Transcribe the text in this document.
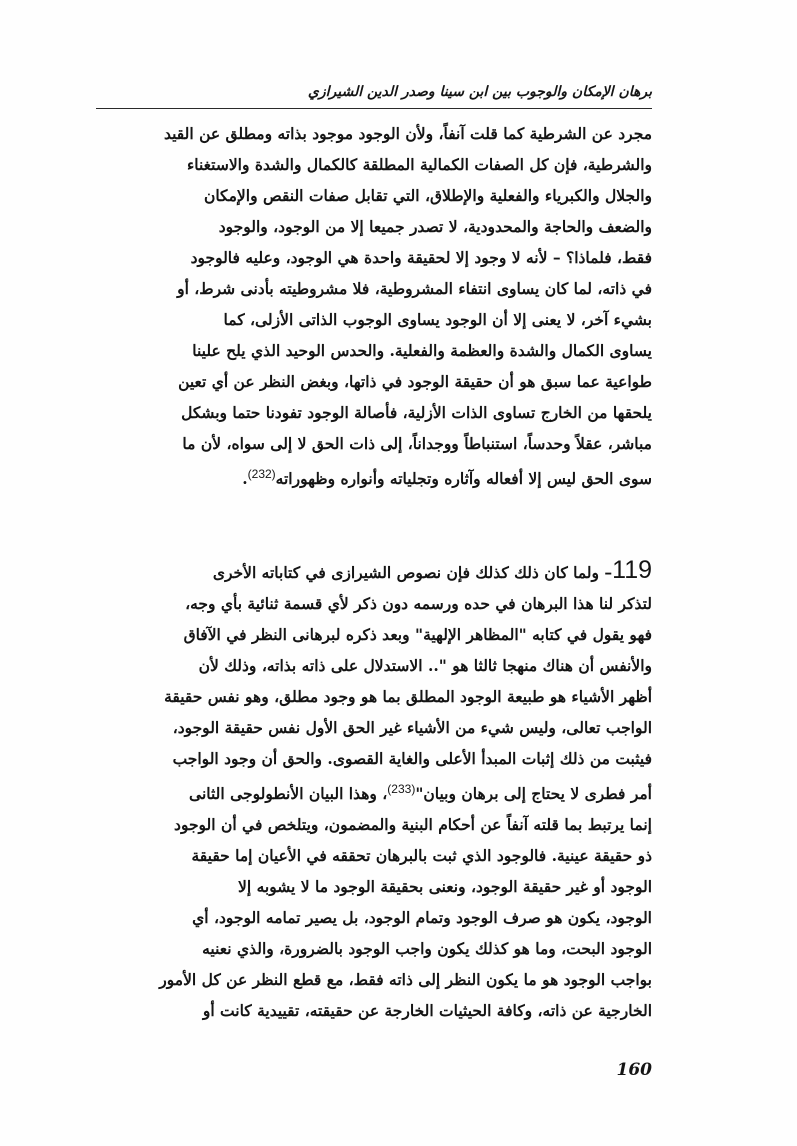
برهان الإمكان والوجوب بين ابن سينا وصدر الدين الشيرازي
مجرد عن الشرطية كما قلت آنفاً، ولأن الوجود موجود بذاته ومطلق عن القيد
والشرطية، فإن كل الصفات الكمالية المطلقة كالكمال والشدة والاستغناء
والجلال والكبرياء والفعلية والإطلاق، التي تقابل صفات النقص والإمكان
والضعف والحاجة والمحدودية، لا تصدر جميعا إلا من الوجود، والوجود
فقط، فلماذا؟ – لأنه لا وجود إلا لحقيقة واحدة هي الوجود، وعليه فالوجود
في ذاته، لما كان يساوى انتفاء المشروطية، فلا مشروطيته بأدنى شرط، أو
بشيء آخر، لا يعنى إلا أن الوجود يساوى الوجوب الذاتى الأزلى، كما
يساوى الكمال والشدة والعظمة والفعلية. والحدس الوحيد الذي يلح علينا
طواعية عما سبق هو أن حقيقة الوجود في ذاتها، وبغض النظر عن أي تعين
يلحقها من الخارج تساوى الذات الأزلية، فأصالة الوجود تفودنا حتما وبشكل
مباشر، عقلاً وحدساً، استنباطاً ووجداناً، إلى ذات الحق لا إلى سواه، لأن ما
سوى الحق ليس إلا أفعاله وآثاره وتجلياته وأنواره وظهوراته$^{(232)}$.
119– ولما كان ذلك كذلك فإن نصوص الشيرازى في كتاباته الأخرى
لتذكر لنا هذا البرهان في حده ورسمه دون ذكر لأي قسمة ثنائية بأي وجه،
فهو يقول في كتابه "المظاهر الإلهية" وبعد ذكره لبرهانى النظر في الآفاق
والأنفس أن هناك منهجا ثالثا هو ".. الاستدلال على ذاته بذاته، وذلك لأن
أظهر الأشياء هو طبيعة الوجود المطلق بما هو وجود مطلق، وهو نفس حقيقة
الواجب تعالى، وليس شيء من الأشياء غير الحق الأول نفس حقيقة الوجود،
فيثبت من ذلك إثبات المبدأ الأعلى والغاية القصوى. والحق أن وجود الواجب
أمر فطرى لا يحتاج إلى برهان وبيان"$^{(233)}$، وهذا البيان الأنطولوجى الثانى
إنما يرتبط بما قلته آنفاً عن أحكام البنية والمضمون، ويتلخص في أن الوجود
ذو حقيقة عينية. فالوجود الذي ثبت بالبرهان تحققه في الأعيان إما حقيقة
الوجود أو غير حقيقة الوجود، ونعنى بحقيقة الوجود ما لا يشوبه إلا
الوجود، يكون هو صرف الوجود وتمام الوجود، بل يصير تمامه الوجود، أي
الوجود البحت، وما هو كذلك يكون واجب الوجود بالضرورة، والذي نعنيه
بواجب الوجود هو ما يكون النظر إلى ذاته فقط، مع قطع النظر عن كل الأمور
الخارجية عن ذاته، وكافة الحيثيات الخارجة عن حقيقته، تقييدية كانت أو
160
